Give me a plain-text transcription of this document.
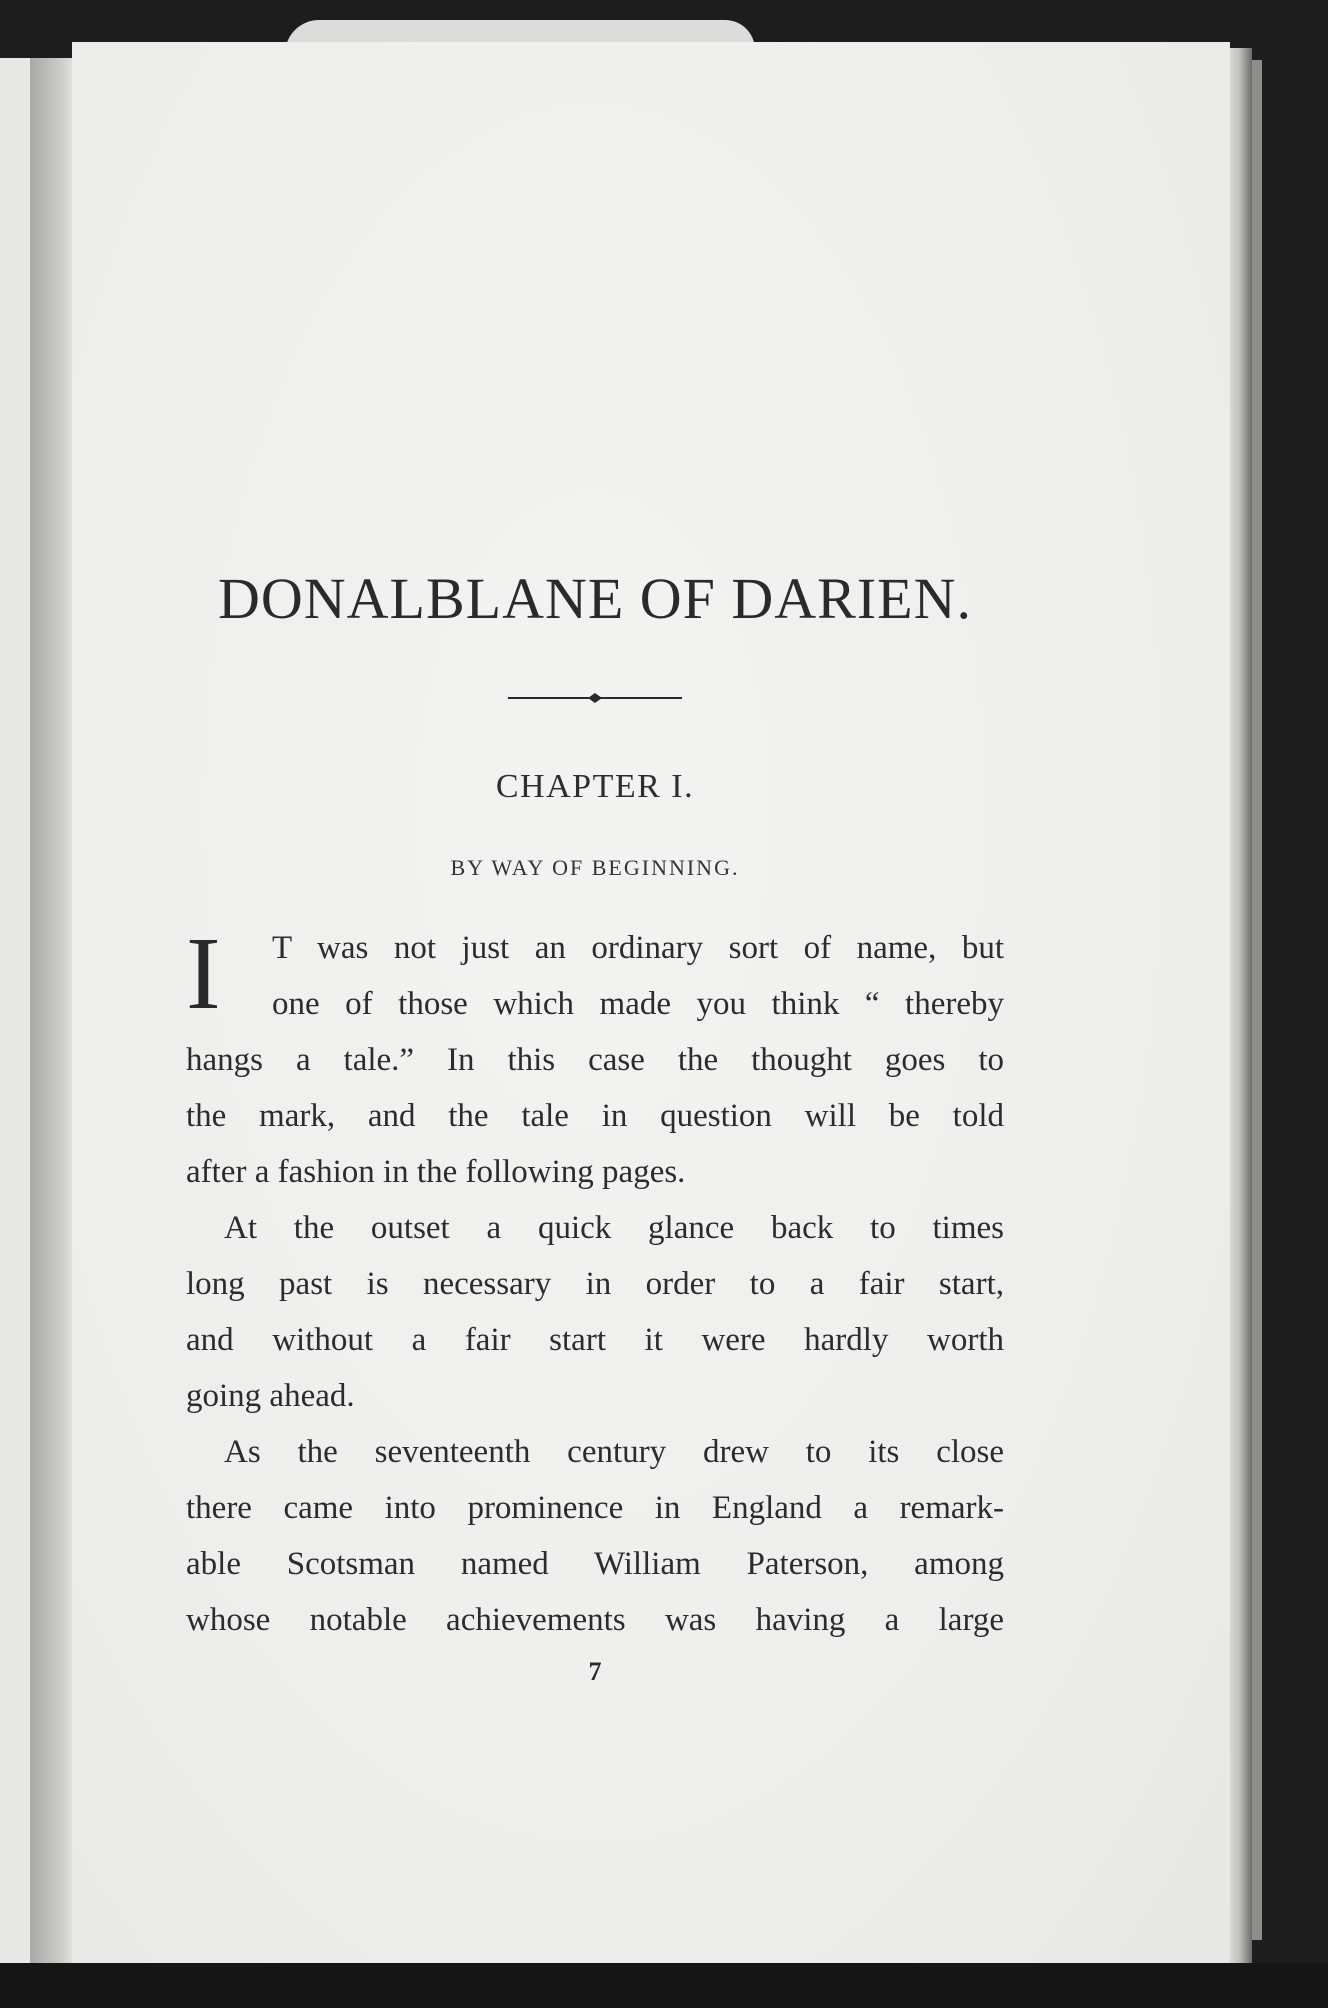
DONALBLANE OF DARIEN.
CHAPTER I.
BY WAY OF BEGINNING.
I T was not just an ordinary sort of name, but
one of those which made you think “ thereby
hangs a tale.” In this case the thought goes to
the mark, and the tale in question will be told
after a fashion in the following pages.
At the outset a quick glance back to times
long past is necessary in order to a fair start,
and without a fair start it were hardly worth
going ahead.
As the seventeenth century drew to its close
there came into prominence in England a remark-
able Scotsman named William Paterson, among
whose notable achievements was having a large
7
